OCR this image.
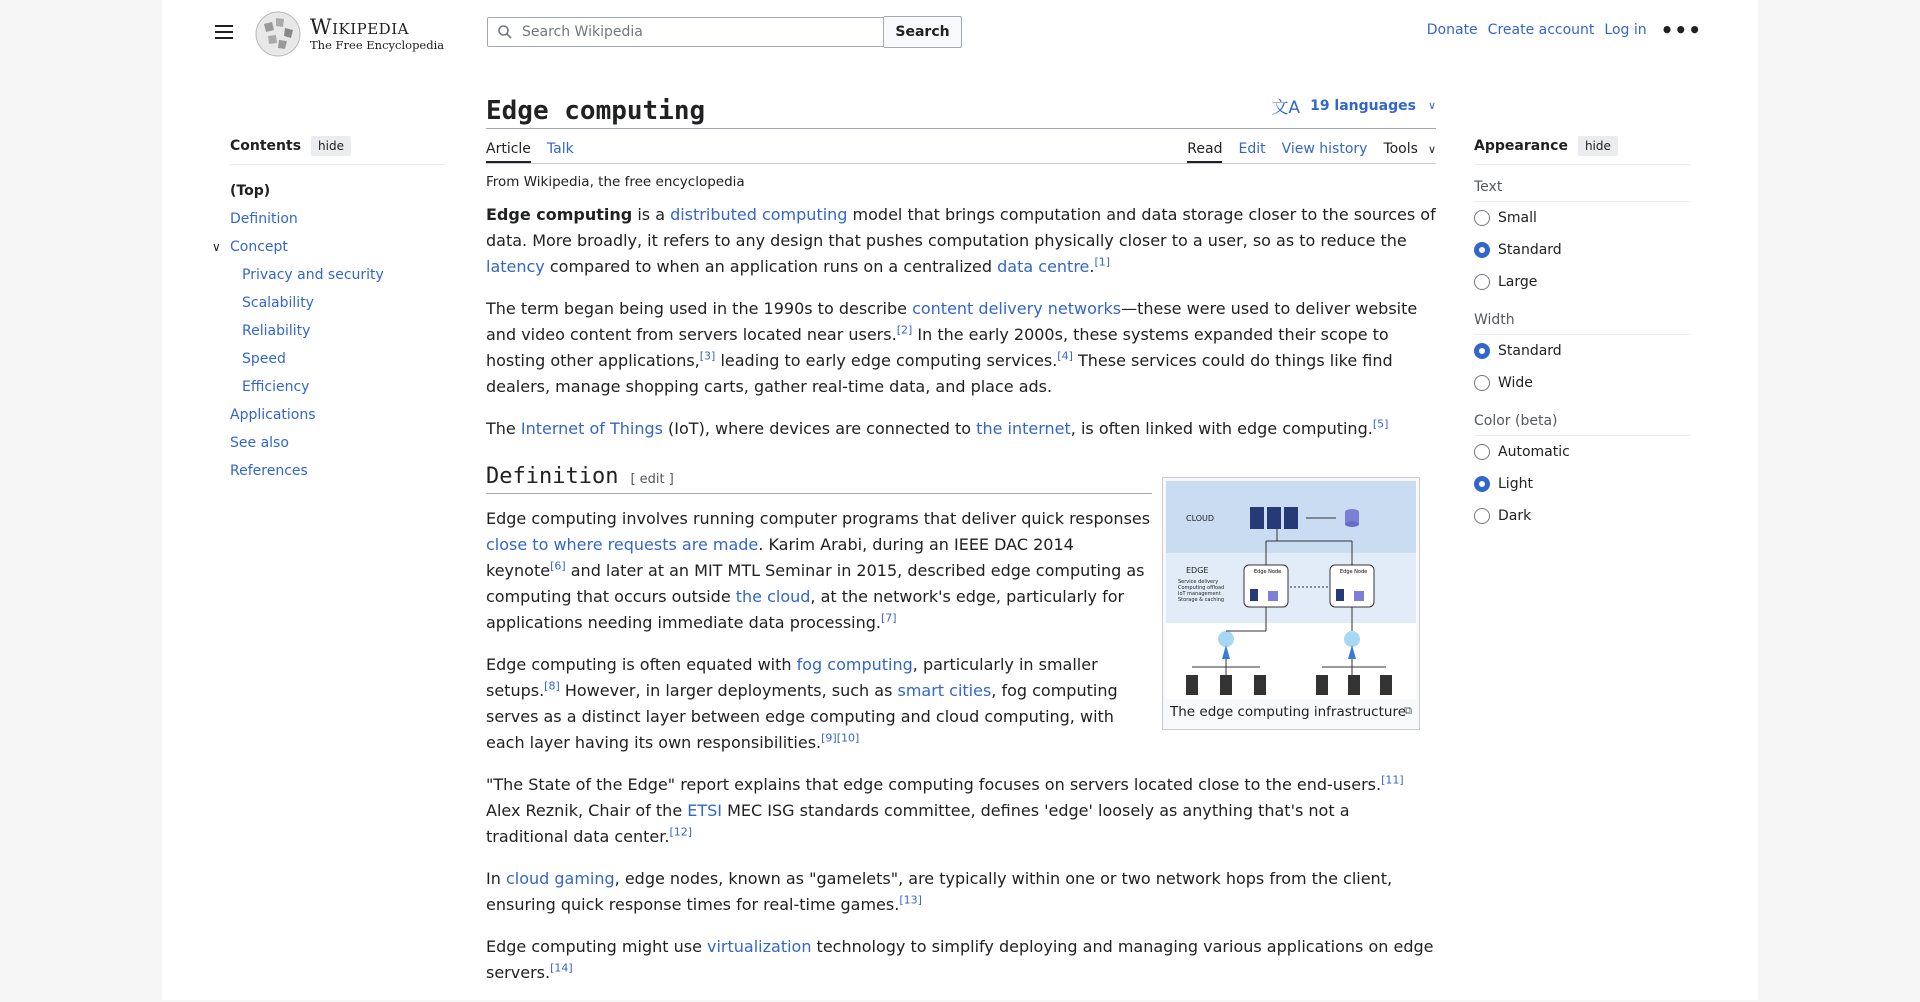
Wikipedia
The Free Encyclopedia
Search Wikipedia
Search	Donate Create account Log in •••
Contents	hide
(Top)
Definition
∨ Concept
Privacy and security
Scalability
Reliability
Speed
Efficiency
Applications
See also
References
Edge computing	文A 19 languages ∨
Article Talk	Read Edit View history Tools ∨
From Wikipedia, the free encyclopedia

Edge computing is a distributed computing model that brings computation and data storage closer to the sources of data. More broadly, it refers to any design that pushes computation physically closer to a user, so as to reduce the latency compared to when an application runs on a centralized data centre.[1]

The term began being used in the 1990s to describe content delivery networks—these were used to deliver website and video content from servers located near users.[2] In the early 2000s, these systems expanded their scope to hosting other applications,[3] leading to early edge computing services.[4] These services could do things like find dealers, manage shopping carts, gather real-time data, and place ads.

The Internet of Things (IoT), where devices are connected to the internet, is often linked with edge computing.[5]

Definition [ edit ]

Edge computing involves running computer programs that deliver quick responses close to where requests are made. Karim Arabi, during an IEEE DAC 2014 keynote[6] and later at an MIT MTL Seminar in 2015, described edge computing as computing that occurs outside the cloud, at the network's edge, particularly for applications needing immediate data processing.[7]

Edge computing is often equated with fog computing, particularly in smaller setups.[8] However, in larger deployments, such as smart cities, fog computing serves as a distinct layer between edge computing and cloud computing, with each layer having its own responsibilities.[9][10]

"The State of the Edge" report explains that edge computing focuses on servers located close to the end-users.[11] Alex Reznik, Chair of the ETSI MEC ISG standards committee, defines 'edge' loosely as anything that's not a traditional data center.[12]

In cloud gaming, edge nodes, known as "gamelets", are typically within one or two network hops from the client, ensuring quick response times for real-time games.[13]

Edge computing might use virtualization technology to simplify deploying and managing various applications on edge servers.[14]

CLOUD
EDGE
Service delivery
Computing offload
IoT management
Storage & caching
Edge Node	Edge Node
The edge computing infrastructure
⧉
Appearance	hide
Text
Small
Standard
Large
Width
Standard
Wide
Color (beta)
Automatic
Light
Dark
